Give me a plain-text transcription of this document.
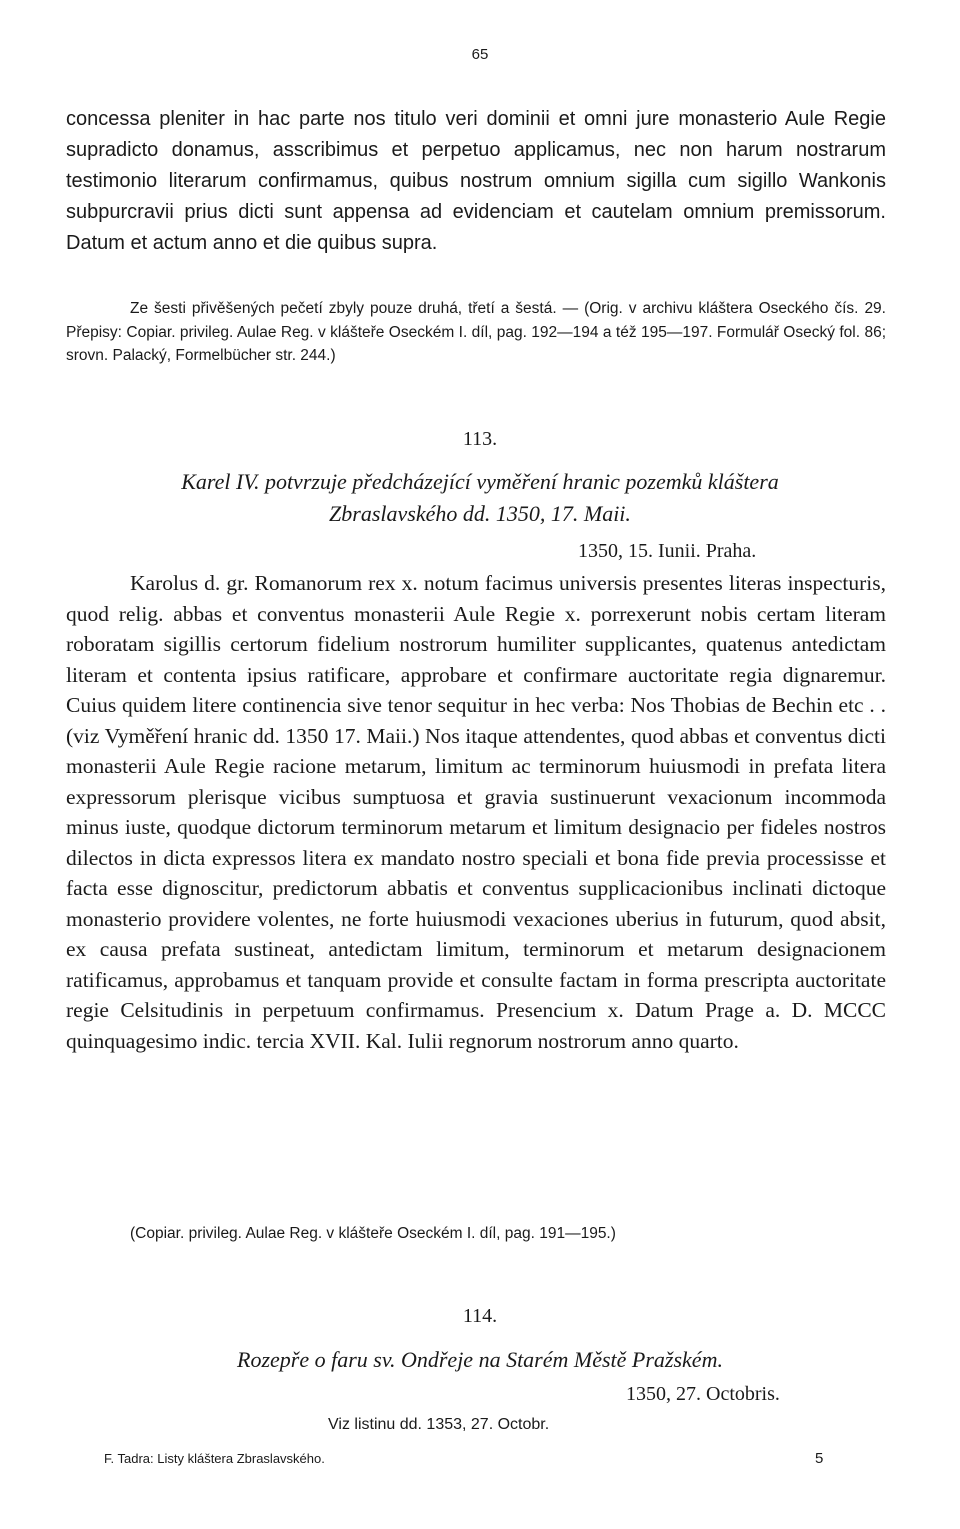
65

concessa pleniter in hac parte nos titulo veri dominii et omni jure monasterio Aule Regie supradicto donamus, asscribimus et perpetuo applicamus, nec non harum nostrarum testimonio literarum confirmamus, quibus nostrum omnium sigilla cum sigillo Wankonis subpurcravii prius dicti sunt appensa ad evidenciam et cautelam omnium premissorum. Datum et actum anno et die quibus supra.

Ze šesti přivěšených pečetí zbyly pouze druhá, třetí a šestá. — (Orig. v archivu kláštera Oseckého čís. 29. Přepisy: Copiar. privileg. Aulae Reg. v klášteře Oseckém I. díl, pag. 192—194 a též 195—197. Formulář Osecký fol. 86; srovn. Palacký, Formelbücher str. 244.)

113.
Karel IV. potvrzuje předcházející vyměření hranic pozemků kláštera
Zbraslavského dd. 1350, 17. Maii.
1350, 15. Iunii. Praha.

Karolus d. gr. Romanorum rex x. notum facimus universis presentes literas inspecturis, quod relig. abbas et conventus monasterii Aule Regie x. porrexerunt nobis certam literam roboratam sigillis certorum fidelium nostrorum humiliter supplicantes, quatenus antedictam literam et contenta ipsius ratificare, approbare et confirmare auctoritate regia dignaremur. Cuius quidem litere continencia sive tenor sequitur in hec verba: Nos Thobias de Bechin etc . . (viz Vyměření hranic dd. 1350 17. Maii.) Nos itaque attendentes, quod abbas et conventus dicti monasterii Aule Regie racione metarum, limitum ac terminorum huiusmodi in prefata litera expressorum plerisque vicibus sumptuosa et gravia sustinuerunt vexacionum incommoda minus iuste, quodque dictorum terminorum metarum et limitum designacio per fideles nostros dilectos in dicta expressos litera ex mandato nostro speciali et bona fide previa processisse et facta esse dignoscitur, predictorum abbatis et conventus supplicacionibus inclinati dictoque monasterio providere volentes, ne forte huiusmodi vexaciones uberius in futurum, quod absit, ex causa prefata sustineat, antedictam limitum, terminorum et metarum designacionem ratificamus, approbamus et tanquam provide et consulte factam in forma prescripta auctoritate regie Celsitudinis in perpetuum confirmamus. Presencium x. Datum Prage a. D. MCCC quinquagesimo indic. tercia XVII. Kal. Iulii regnorum nostrorum anno quarto.

(Copiar. privileg. Aulae Reg. v klášteře Oseckém I. díl, pag. 191—195.)

114.
Rozepře o faru sv. Ondřeje na Starém Městě Pražském.
1350, 27. Octobris.
Viz listinu dd. 1353, 27. Octobr.
F. Tadra: Listy kláštera Zbraslavského.	5
